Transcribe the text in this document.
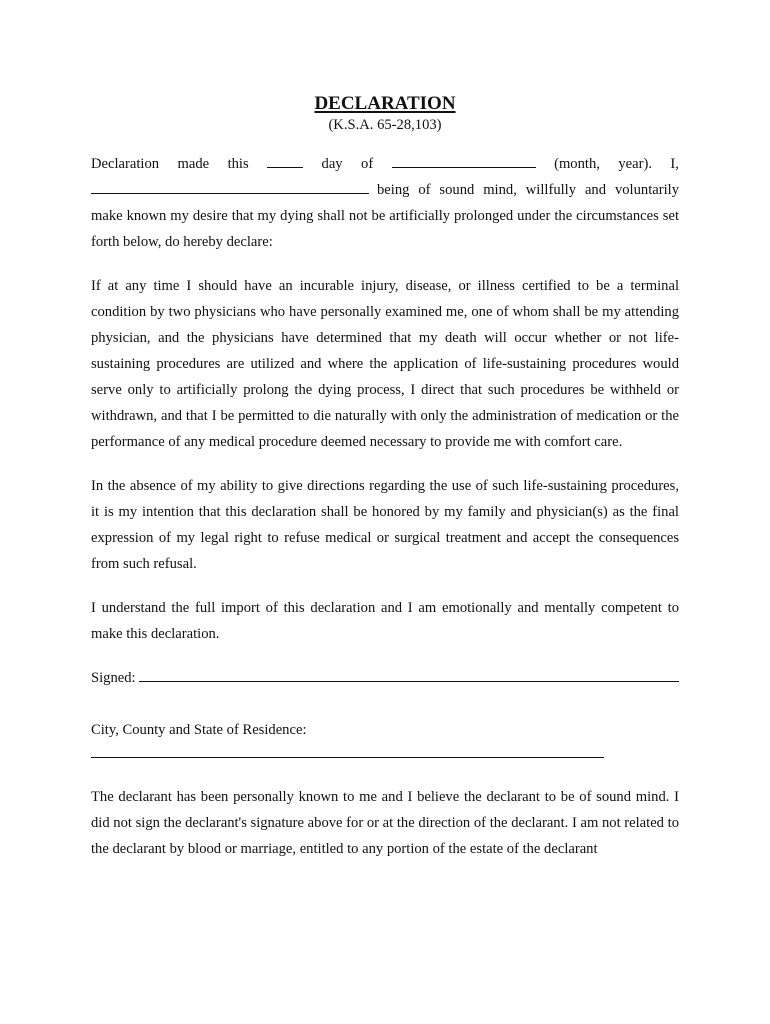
DECLARATION
(K.S.A. 65-28,103)
Declaration made this	day of	(month, year). I,
being of sound mind, willfully and voluntarily

make known my desire that my dying shall not be artificially prolonged under the circumstances set forth below, do hereby declare:

If at any time I should have an incurable injury, disease, or illness certified to be a terminal condition by two physicians who have personally examined me, one of whom shall be my attending physician, and the physicians have determined that my death will occur whether or not life-sustaining procedures are utilized and where the application of life-sustaining procedures would serve only to artificially prolong the dying process, I direct that such procedures be withheld or withdrawn, and that I be permitted to die naturally with only the administration of medication or the performance of any medical procedure deemed necessary to provide me with comfort care.

In the absence of my ability to give directions regarding the use of such life-sustaining procedures, it is my intention that this declaration shall be honored by my family and physician(s) as the final expression of my legal right to refuse medical or surgical treatment and accept the consequences from such refusal.

I understand the full import of this declaration and I am emotionally and mentally competent to make this declaration.

Signed:
City, County and State of Residence:

The declarant has been personally known to me and I believe the declarant to be of sound mind. I did not sign the declarant's signature above for or at the direction of the declarant. I am not related to the declarant by blood or marriage, entitled to any portion of the estate of the declarant
